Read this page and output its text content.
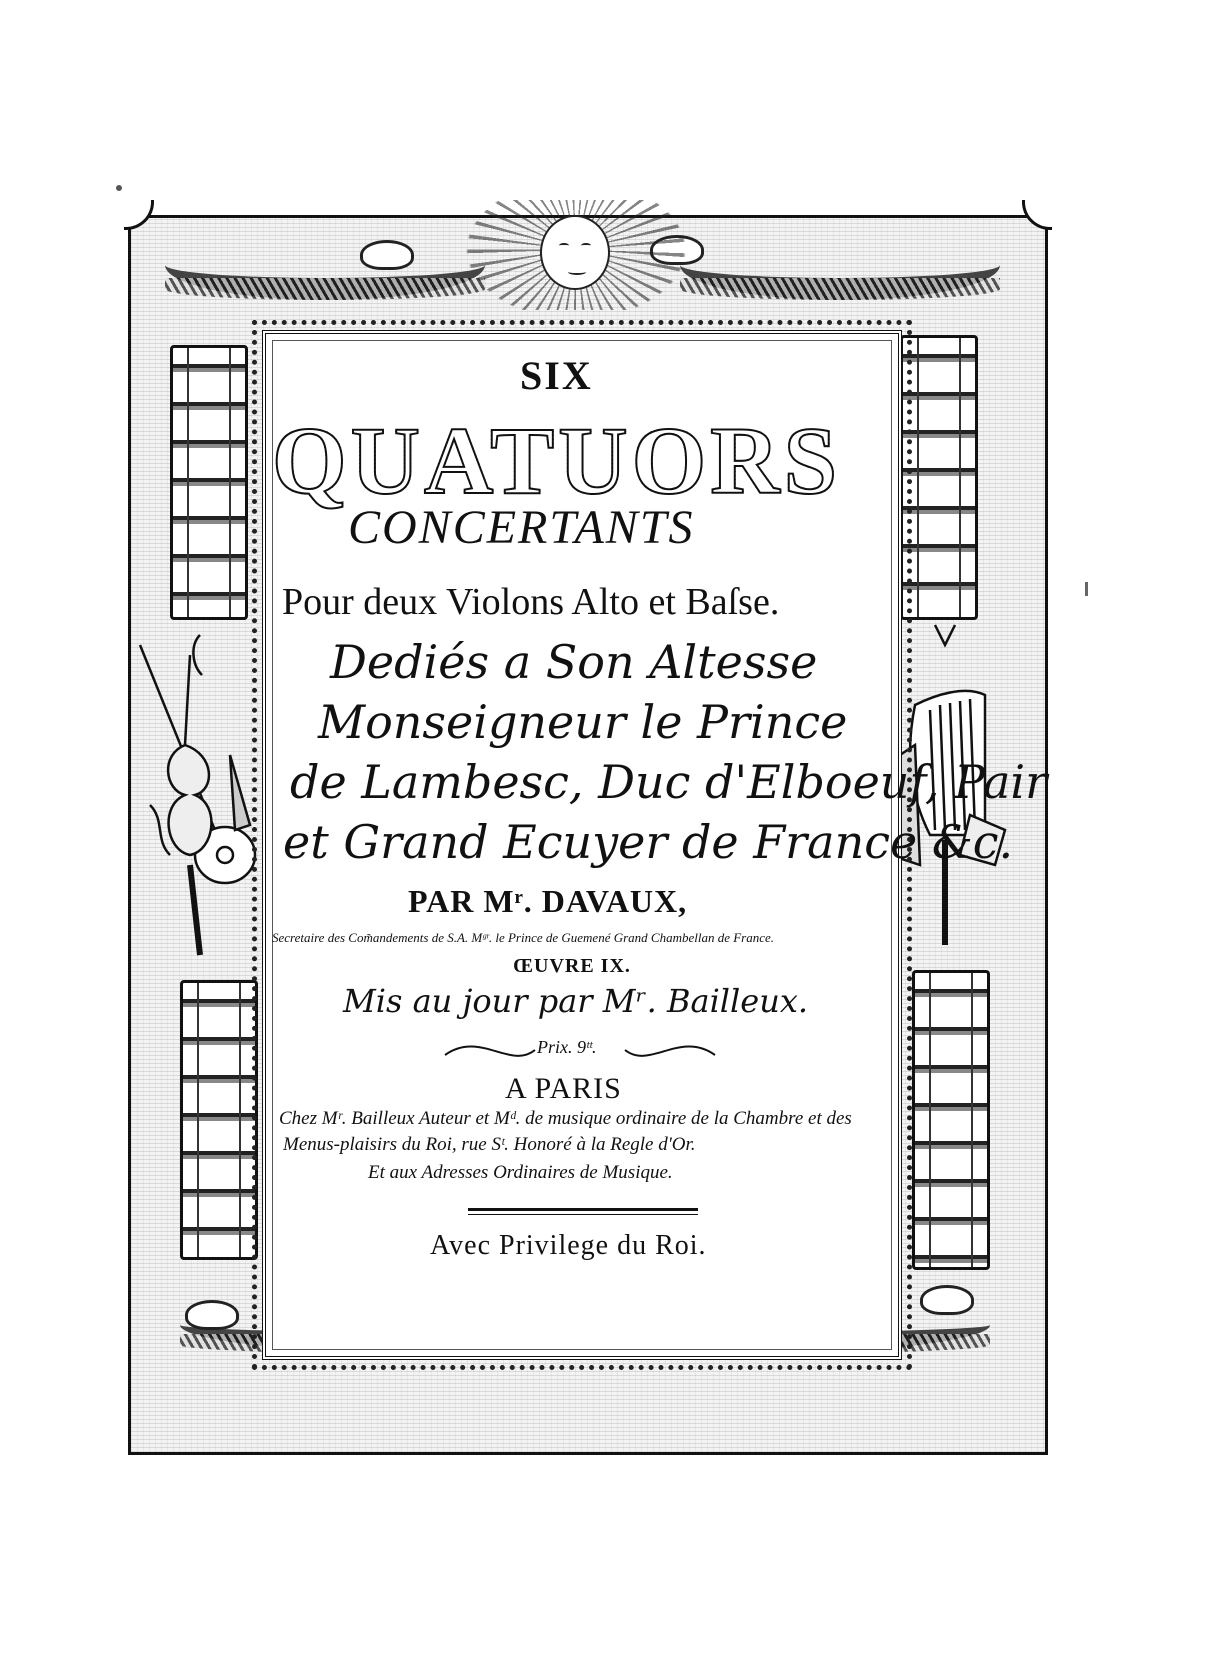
SIX
QUATUORS
CONCERTANTS
Pour deux Violons Alto et Baſse.
Dediés a Son Altesse
Monseigneur le Prince
de Lambesc, Duc d'Elboeuf, Pair
et Grand Ecuyer de France &c.
PAR Mʳ. DAVAUX,
Secretaire des Com̃andements de S.A. Mᵍʳ. le Prince de Guemené Grand Chambellan de France.
ŒUVRE IX.
Mis au jour par Mʳ. Bailleux.
Prix. 9ᵗᵗ.
A PARIS
Chez Mʳ. Bailleux Auteur et Mᵈ. de musique ordinaire de la Chambre et des
Menus-plaisirs du Roi, rue Sᵗ. Honoré à la Regle d'Or.
Et aux Adresses Ordinaires de Musique.
Avec Privilege du Roi.
